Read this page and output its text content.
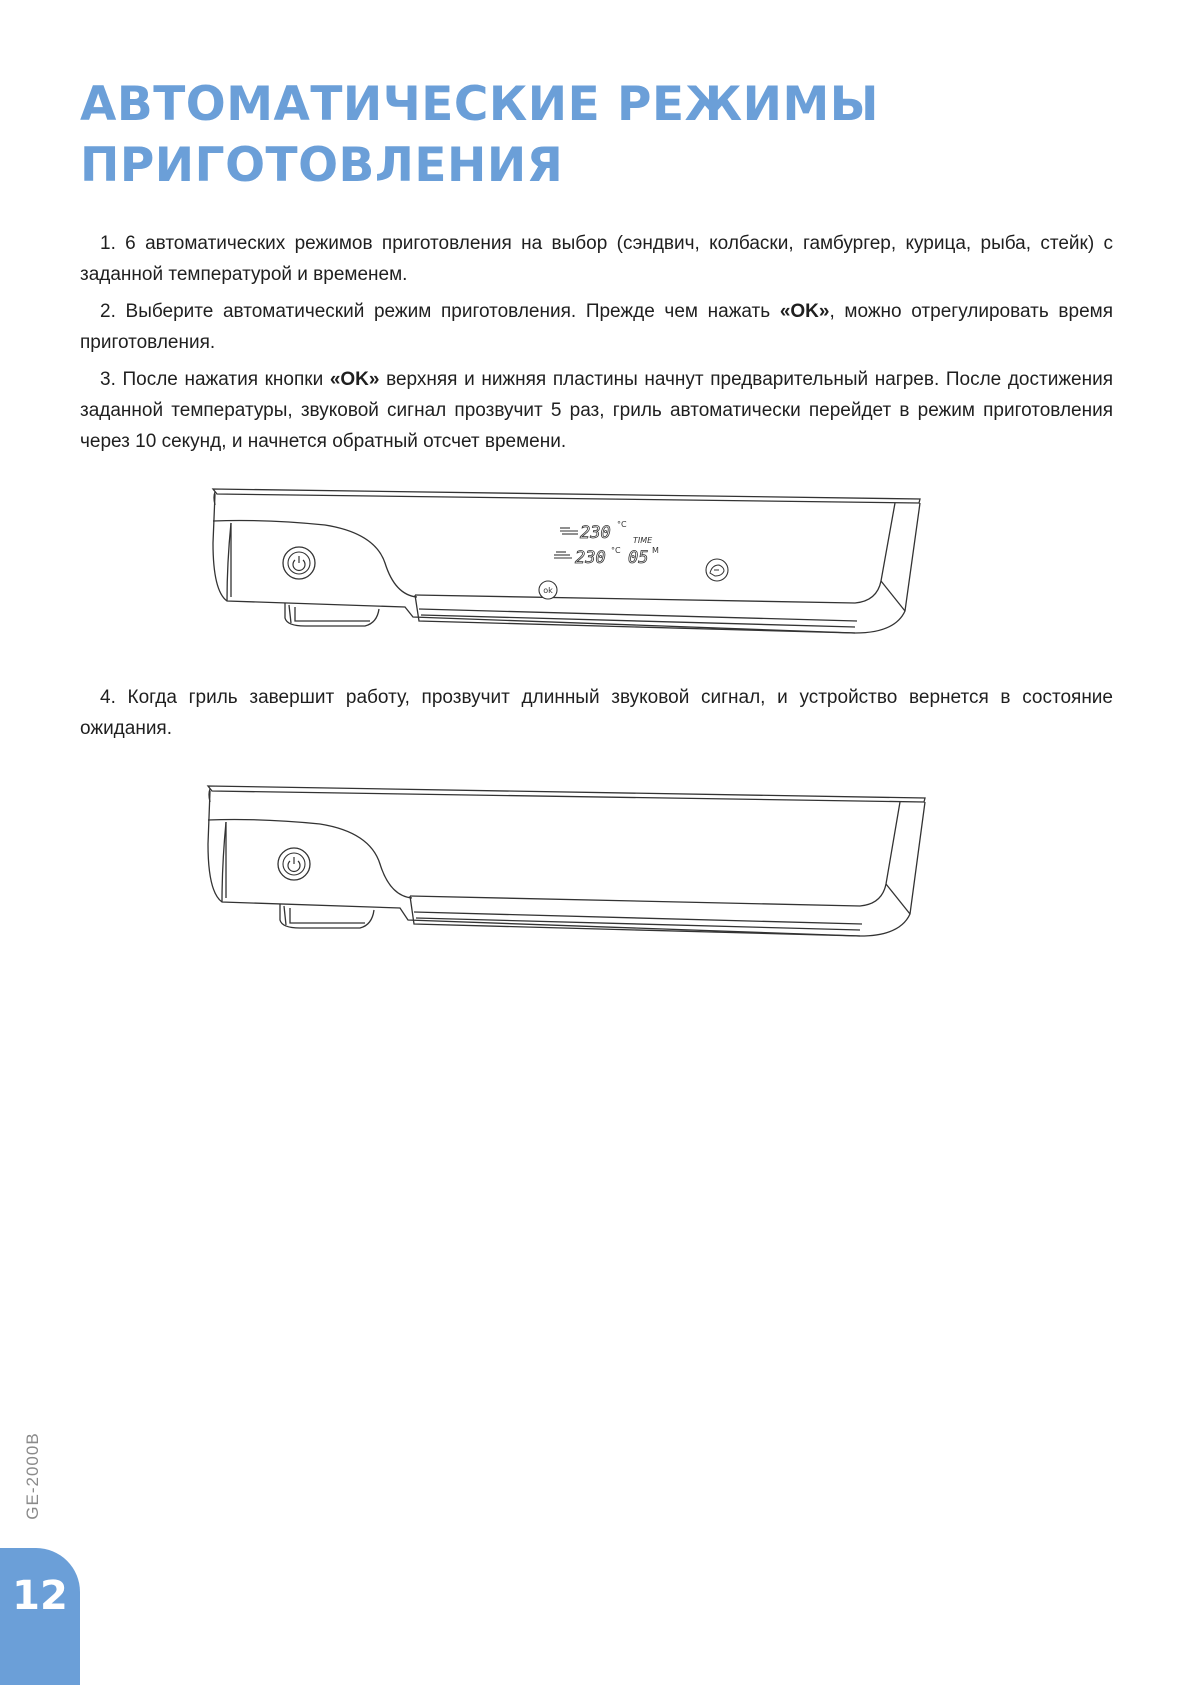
АВТОМАТИЧЕСКИЕ РЕЖИМЫ
ПРИГОТОВЛЕНИЯ

1. 6 автоматических режимов приготовления на выбор (сэндвич, колбаски, гамбургер, курица, рыба, стейк) с заданной температурой и временем.

2. Выберите автоматический режим приготовления. Прежде чем нажать «OK», можно отрегулировать время приготовления.

3. После нажатия кнопки «OK» верхняя и нижняя пластины начнут предварительный нагрев. После достижения заданной температуры, звуковой сигнал прозвучит 5 раз, гриль автоматически перейдет в режим приготовления через 10 секунд, и начнется обратный отсчет времени.

230 °C
TIME
230 °C 05 M
ok

4. Когда гриль завершит работу, прозвучит длинный звуковой сигнал, и устройство вернется в состояние ожидания.

GE-2000B
12
